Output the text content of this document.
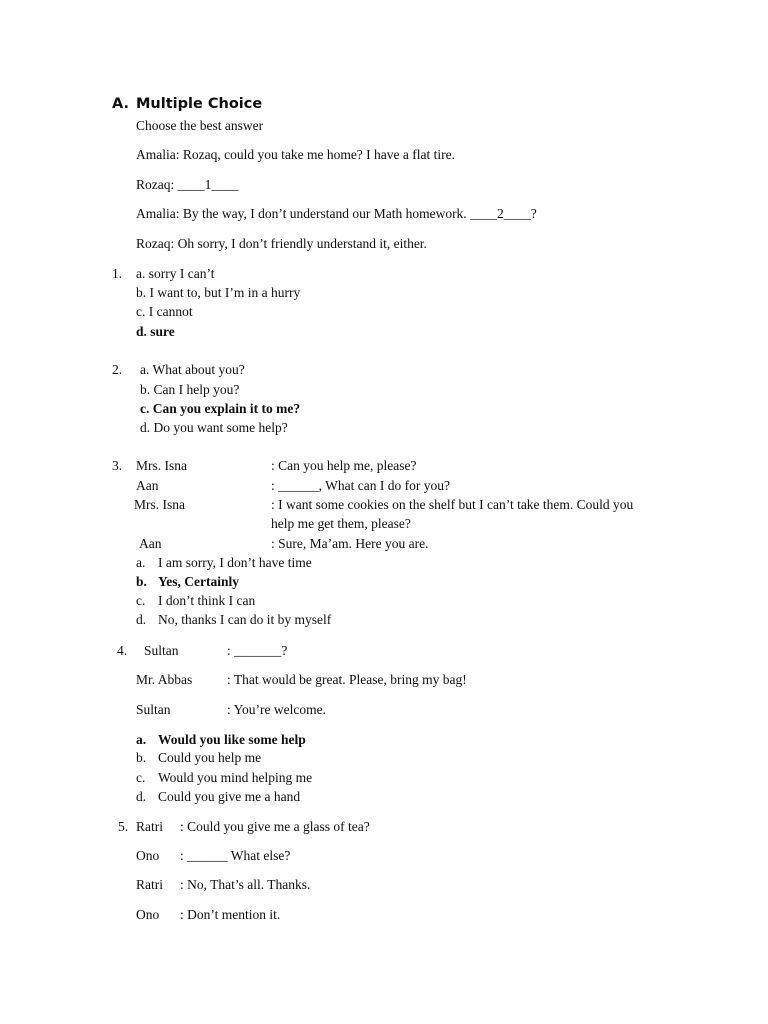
A. Multiple Choice
Choose the best answer
Amalia: Rozaq, could you take me home? I have a flat tire.
Rozaq: ____1____
Amalia: By the way, I don’t understand our Math homework. ____2____?
Rozaq: Oh sorry, I don’t friendly understand it, either.
1. a. sorry I can’t
b. I want to, but I’m in a hurry
c. I cannot
d. sure
2. a. What about you?
b. Can I help you?
c. Can you explain it to me?
d. Do you want some help?
3. Mrs. Isna	: Can you help me, please?
Aan	: ______, What can I do for you?
Mrs. Isna	: I want some cookies on the shelf but I can’t take them. Could you
help me get them, please?
Aan	: Sure, Ma’am. Here you are.
a. I am sorry, I don’t have time
b. Yes, Certainly
c. I don’t think I can
d. No, thanks I can do it by myself
4. Sultan	: _______?
Mr. Abbas	: That would be great. Please, bring my bag!
Sultan	: You’re welcome.
a. Would you like some help
b. Could you help me
c. Would you mind helping me
d. Could you give me a hand
5. Ratri : Could you give me a glass of tea?
Ono : ______ What else?
Ratri : No, That’s all. Thanks.
Ono : Don’t mention it.
